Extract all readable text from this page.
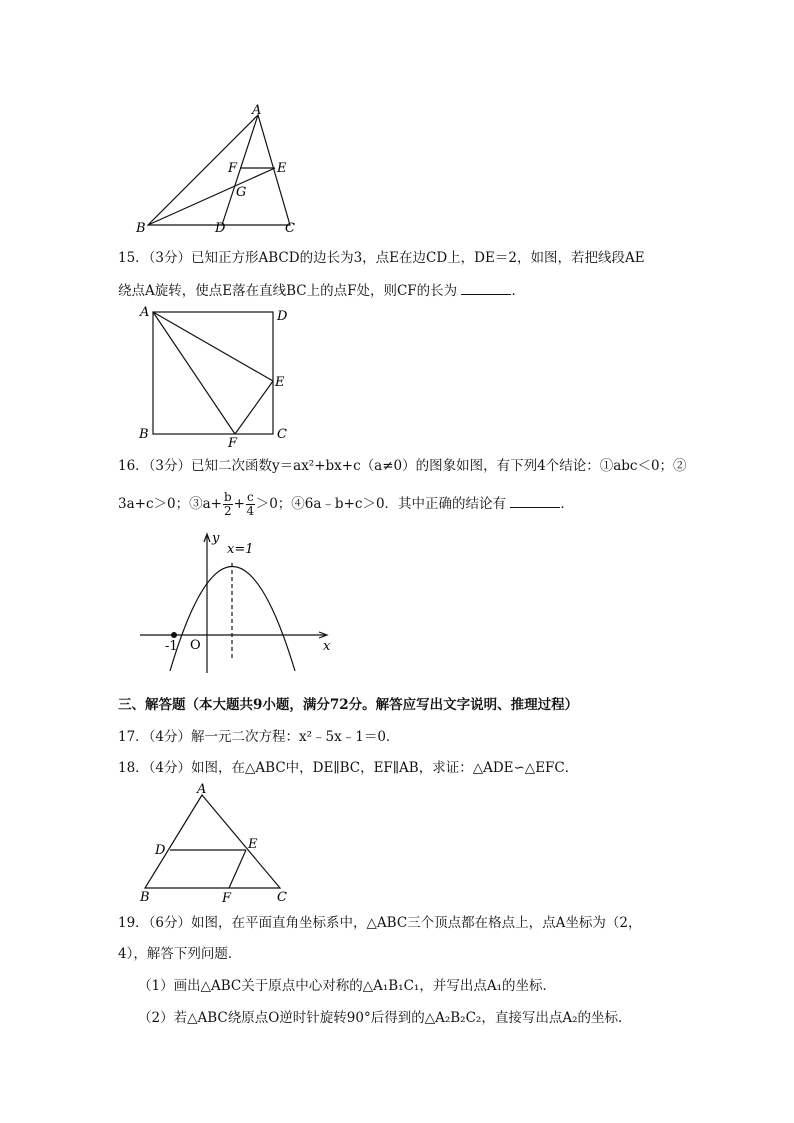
A
F	E
G
B	D	C
15．（3分）已知正方形ABCD的边长为3，点E在边CD上，DE＝2，如图，若把线段AE
绕点A旋转，使点E落在直线BC上的点F处，则CF的长为	．
A	D
E
B
F
C
16．（3分）已知二次函数y＝ax²+bx+c（a≠0）的图象如图，有下列4个结论：①abc＜0；②
3a+c＞0；③a+ $\frac{b}{2} + \frac{c}{4} >0$；④6a﹣b+c＞0．其中正确的结论有	．
y
x
x=1
O
-1
三、解答题（本大题共9小题，满分72分。解答应写出文字说明、推理过程）
17．（4分）解一元二次方程：x²﹣5x﹣1＝0．
18．（4分）如图，在△ABC中，DE∥BC，EF∥AB，求证：△ADE∽△EFC．
A
D	E
B	F	C
19．（6分）如图，在平面直角坐标系中，△ABC三个顶点都在格点上，点A坐标为（2，
4），解答下列问题．
（1）画出△ABC关于原点中心对称的△A₁B₁C₁，并写出点A₁的坐标．
（2）若△ABC绕原点O逆时针旋转90°后得到的△A₂B₂C₂，直接写出点A₂的坐标．
